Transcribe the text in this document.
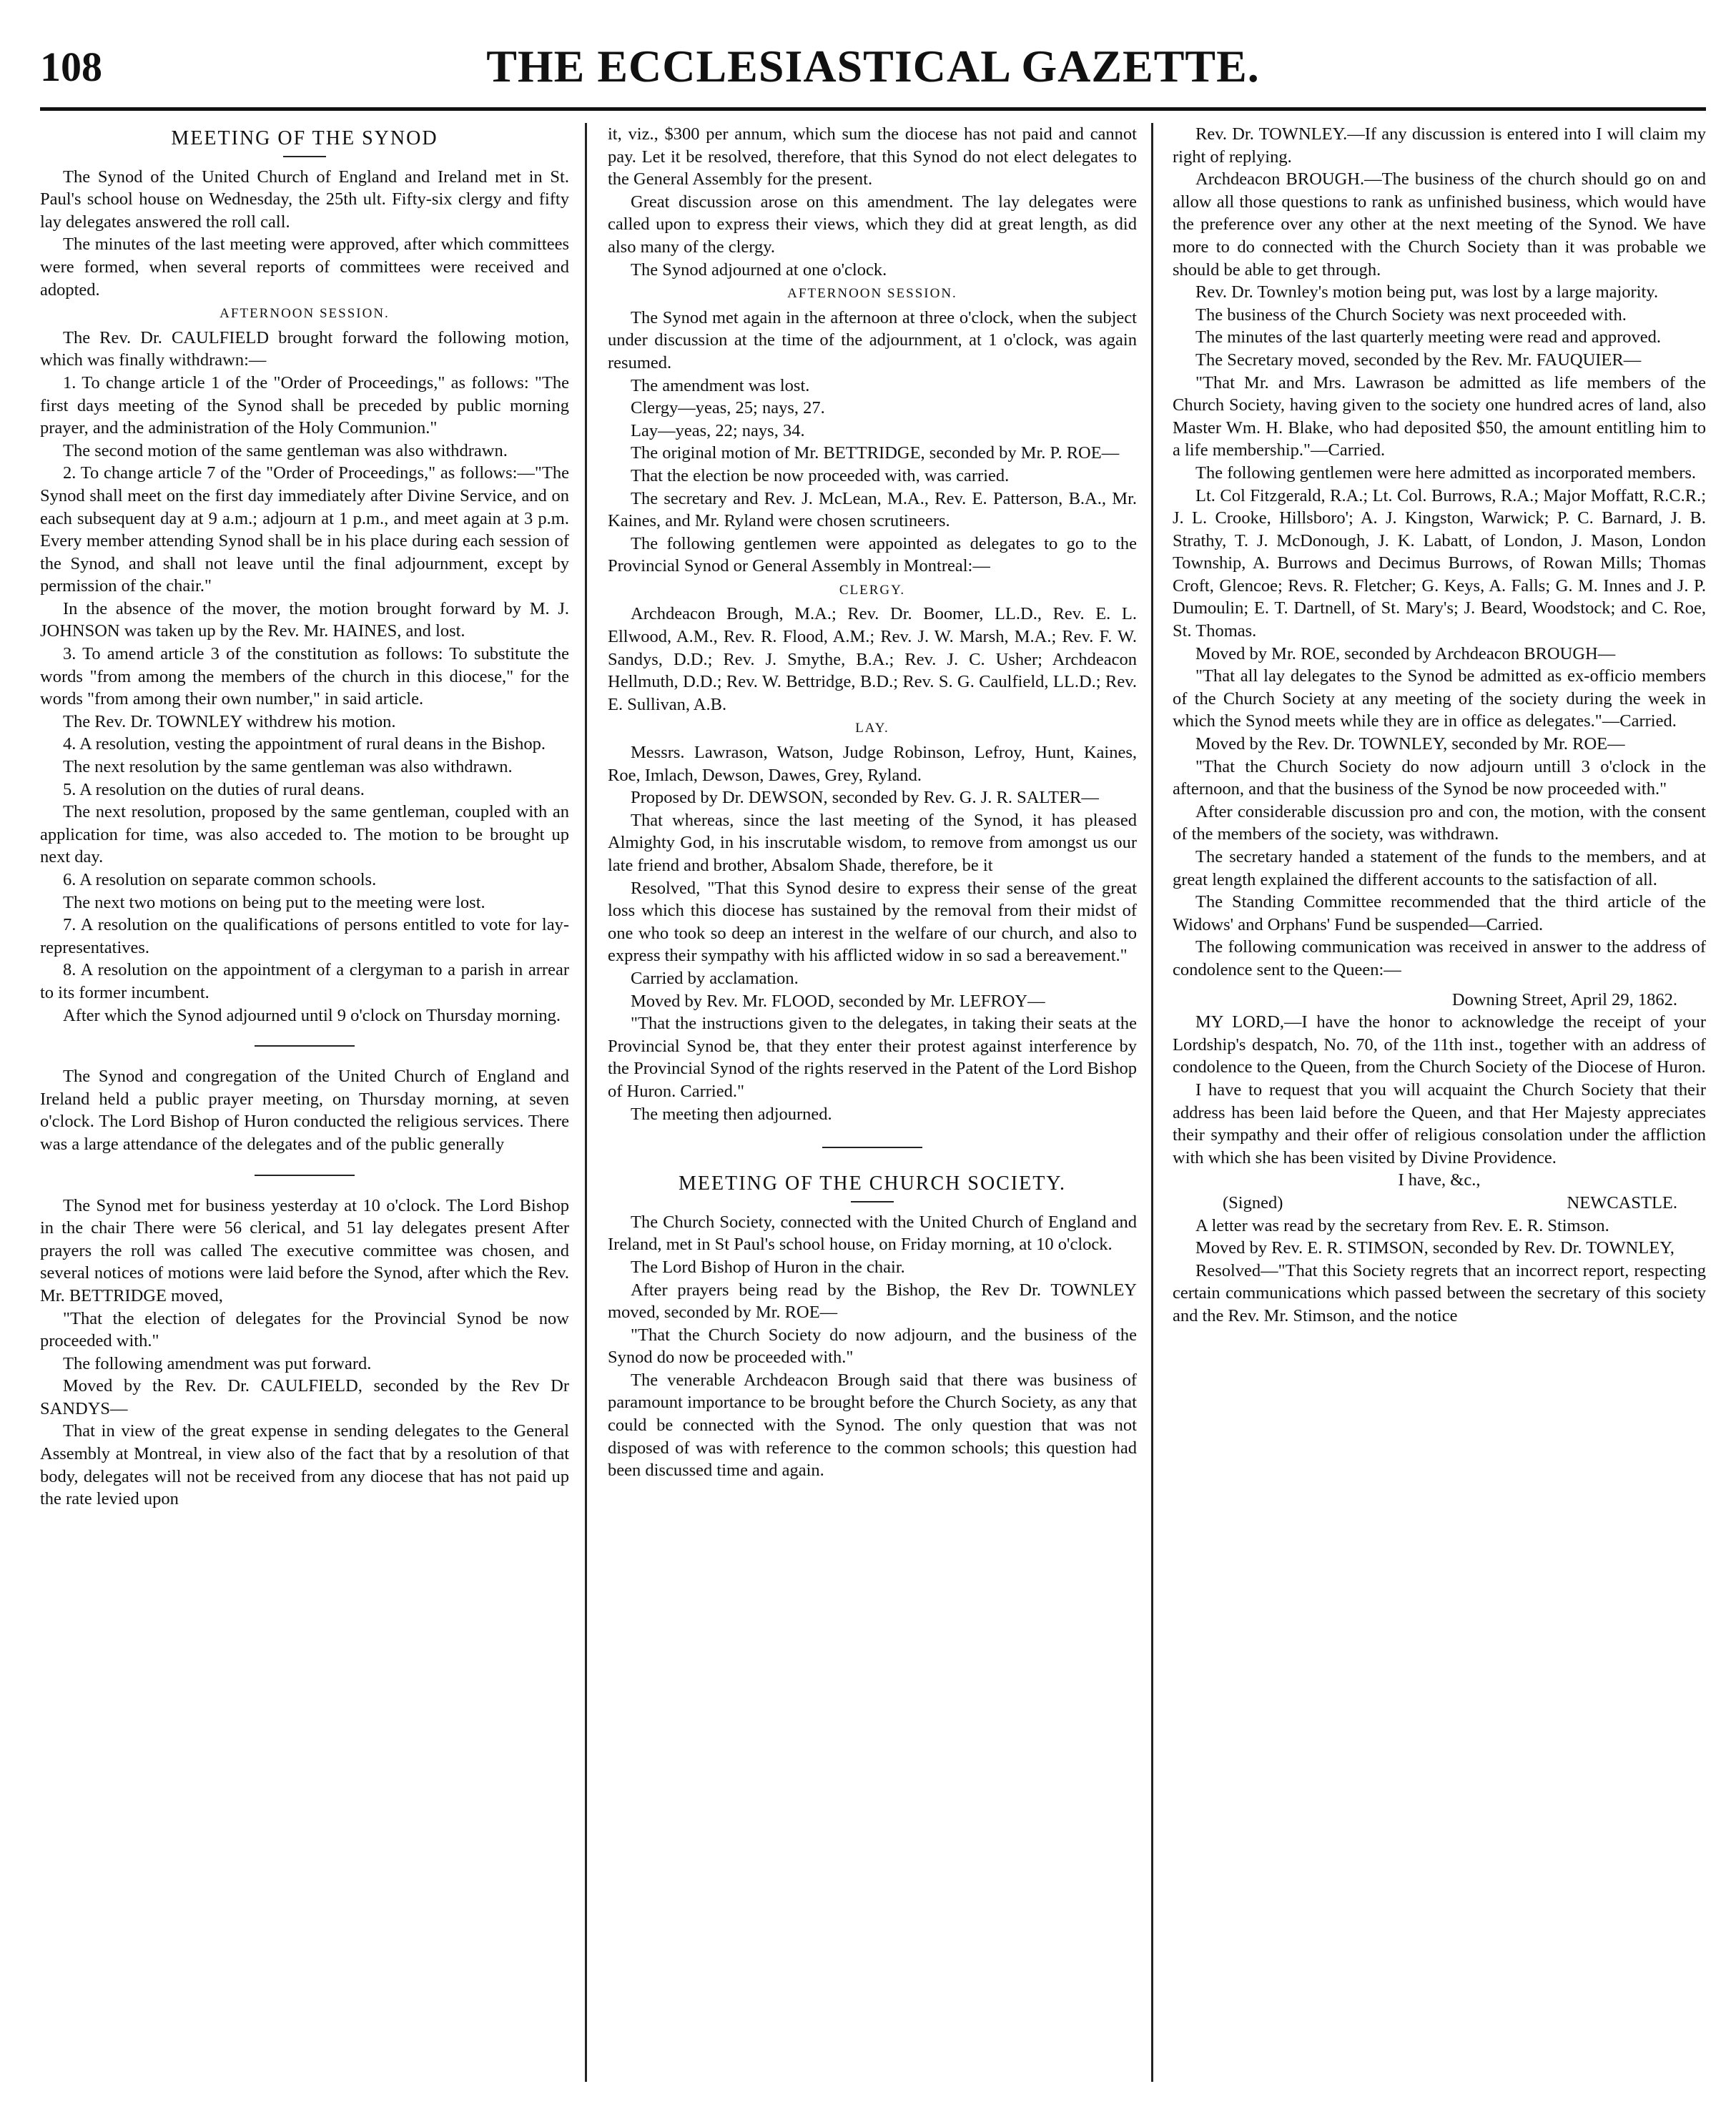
108	THE ECCLESIASTICAL GAZETTE.

MEETING OF THE SYNOD

The Synod of the United Church of England and Ireland met in St. Paul's school house on Wednesday, the 25th ult. Fifty-six clergy and fifty lay delegates answered the roll call.

The minutes of the last meeting were approved, after which committees were formed, when several reports of committees were received and adopted.

AFTERNOON SESSION.

The Rev. Dr. CAULFIELD brought forward the following motion, which was finally withdrawn:—

1. To change article 1 of the "Order of Proceedings," as follows: "The first days meeting of the Synod shall be preceded by public morning prayer, and the administration of the Holy Communion."

The second motion of the same gentleman was also withdrawn.

2. To change article 7 of the "Order of Proceedings," as follows:—"The Synod shall meet on the first day immediately after Divine Service, and on each subsequent day at 9 a.m.; adjourn at 1 p.m., and meet again at 3 p.m. Every member attending Synod shall be in his place during each session of the Synod, and shall not leave until the final adjournment, except by permission of the chair."

In the absence of the mover, the motion brought forward by M. J. JOHNSON was taken up by the Rev. Mr. HAINES, and lost.

3. To amend article 3 of the constitution as follows: To substitute the words "from among the members of the church in this diocese," for the words "from among their own number," in said article.

The Rev. Dr. TOWNLEY withdrew his motion.

4. A resolution, vesting the appointment of rural deans in the Bishop.

The next resolution by the same gentleman was also withdrawn.

5. A resolution on the duties of rural deans.

The next resolution, proposed by the same gentleman, coupled with an application for time, was also acceded to. The motion to be brought up next day.

6. A resolution on separate common schools.

The next two motions on being put to the meeting were lost.

7. A resolution on the qualifications of persons entitled to vote for lay-representatives.

8. A resolution on the appointment of a clergyman to a parish in arrear to its former incumbent.

After which the Synod adjourned until 9 o'clock on Thursday morning.

The Synod and congregation of the United Church of England and Ireland held a public prayer meeting, on Thursday morning, at seven o'clock. The Lord Bishop of Huron conducted the religious services. There was a large attendance of the delegates and of the public generally

The Synod met for business yesterday at 10 o'clock. The Lord Bishop in the chair There were 56 clerical, and 51 lay delegates present After prayers the roll was called The executive committee was chosen, and several notices of motions were laid before the Synod, after which the Rev. Mr. BETTRIDGE moved,

"That the election of delegates for the Provincial Synod be now proceeded with."

The following amendment was put forward.

Moved by the Rev. Dr. CAULFIELD, seconded by the Rev Dr SANDYS—

That in view of the great expense in sending delegates to the General Assembly at Montreal, in view also of the fact that by a resolution of that body, delegates will not be received from any diocese that has not paid up the rate levied upon

it, viz., $300 per annum, which sum the diocese has not paid and cannot pay. Let it be resolved, therefore, that this Synod do not elect delegates to the General Assembly for the present.

Great discussion arose on this amendment. The lay delegates were called upon to express their views, which they did at great length, as did also many of the clergy.

The Synod adjourned at one o'clock.

AFTERNOON SESSION.

The Synod met again in the afternoon at three o'clock, when the subject under discussion at the time of the adjournment, at 1 o'clock, was again resumed.

The amendment was lost.

Clergy—yeas, 25; nays, 27.

Lay—yeas, 22; nays, 34.

The original motion of Mr. BETTRIDGE, seconded by Mr. P. ROE—

That the election be now proceeded with, was carried.

The secretary and Rev. J. McLean, M.A., Rev. E. Patterson, B.A., Mr. Kaines, and Mr. Ryland were chosen scrutineers.

The following gentlemen were appointed as delegates to go to the Provincial Synod or General Assembly in Montreal:—

CLERGY.

Archdeacon Brough, M.A.; Rev. Dr. Boomer, LL.D., Rev. E. L. Ellwood, A.M., Rev. R. Flood, A.M.; Rev. J. W. Marsh, M.A.; Rev. F. W. Sandys, D.D.; Rev. J. Smythe, B.A.; Rev. J. C. Usher; Archdeacon Hellmuth, D.D.; Rev. W. Bettridge, B.D.; Rev. S. G. Caulfield, LL.D.; Rev. E. Sullivan, A.B.

LAY.

Messrs. Lawrason, Watson, Judge Robinson, Lefroy, Hunt, Kaines, Roe, Imlach, Dewson, Dawes, Grey, Ryland.

Proposed by Dr. DEWSON, seconded by Rev. G. J. R. SALTER—

That whereas, since the last meeting of the Synod, it has pleased Almighty God, in his inscrutable wisdom, to remove from amongst us our late friend and brother, Absalom Shade, therefore, be it

Resolved, "That this Synod desire to express their sense of the great loss which this diocese has sustained by the removal from their midst of one who took so deep an interest in the welfare of our church, and also to express their sympathy with his afflicted widow in so sad a bereavement."

Carried by acclamation.

Moved by Rev. Mr. FLOOD, seconded by Mr. LEFROY—

"That the instructions given to the delegates, in taking their seats at the Provincial Synod be, that they enter their protest against interference by the Provincial Synod of the rights reserved in the Patent of the Lord Bishop of Huron. Carried."

The meeting then adjourned.

MEETING OF THE CHURCH SOCIETY.

The Church Society, connected with the United Church of England and Ireland, met in St Paul's school house, on Friday morning, at 10 o'clock.

The Lord Bishop of Huron in the chair.

After prayers being read by the Bishop, the Rev Dr. TOWNLEY moved, seconded by Mr. ROE—

"That the Church Society do now adjourn, and the business of the Synod do now be proceeded with."

The venerable Archdeacon Brough said that there was business of paramount importance to be brought before the Church Society, as any that could be connected with the Synod. The only question that was not disposed of was with reference to the common schools; this question had been discussed time and again.

Rev. Dr. TOWNLEY.—If any discussion is entered into I will claim my right of replying.

Archdeacon BROUGH.—The business of the church should go on and allow all those questions to rank as unfinished business, which would have the preference over any other at the next meeting of the Synod. We have more to do connected with the Church Society than it was probable we should be able to get through.

Rev. Dr. Townley's motion being put, was lost by a large majority.

The business of the Church Society was next proceeded with.

The minutes of the last quarterly meeting were read and approved.

The Secretary moved, seconded by the Rev. Mr. FAUQUIER—

"That Mr. and Mrs. Lawrason be admitted as life members of the Church Society, having given to the society one hundred acres of land, also Master Wm. H. Blake, who had deposited $50, the amount entitling him to a life membership."—Carried.

The following gentlemen were here admitted as incorporated members.

Lt. Col Fitzgerald, R.A.; Lt. Col. Burrows, R.A.; Major Moffatt, R.C.R.; J. L. Crooke, Hillsboro'; A. J. Kingston, Warwick; P. C. Barnard, J. B. Strathy, T. J. McDonough, J. K. Labatt, of London, J. Mason, London Township, A. Burrows and Decimus Burrows, of Rowan Mills; Thomas Croft, Glencoe; Revs. R. Fletcher; G. Keys, A. Falls; G. M. Innes and J. P. Dumoulin; E. T. Dartnell, of St. Mary's; J. Beard, Woodstock; and C. Roe, St. Thomas.

Moved by Mr. ROE, seconded by Archdeacon BROUGH—

"That all lay delegates to the Synod be admitted as ex-officio members of the Church Society at any meeting of the society during the week in which the Synod meets while they are in office as delegates."—Carried.

Moved by the Rev. Dr. TOWNLEY, seconded by Mr. ROE—

"That the Church Society do now adjourn untill 3 o'clock in the afternoon, and that the business of the Synod be now proceeded with."

After considerable discussion pro and con, the motion, with the consent of the members of the society, was withdrawn.

The secretary handed a statement of the funds to the members, and at great length explained the different accounts to the satisfaction of all.

The Standing Committee recommended that the third article of the Widows' and Orphans' Fund be suspended—Carried.

The following communication was received in answer to the address of condolence sent to the Queen:—

Downing Street, April 29, 1862.

MY LORD,—I have the honor to acknowledge the receipt of your Lordship's despatch, No. 70, of the 11th inst., together with an address of condolence to the Queen, from the Church Society of the Diocese of Huron.

I have to request that you will acquaint the Church Society that their address has been laid before the Queen, and that Her Majesty appreciates their sympathy and their offer of religious consolation under the affliction with which she has been visited by Divine Providence.

I have, &c.,

(Signed)	NEWCASTLE.

A letter was read by the secretary from Rev. E. R. Stimson.

Moved by Rev. E. R. STIMSON, seconded by Rev. Dr. TOWNLEY,

Resolved—"That this Society regrets that an incorrect report, respecting certain communications which passed between the secretary of this society and the Rev. Mr. Stimson, and the notice
